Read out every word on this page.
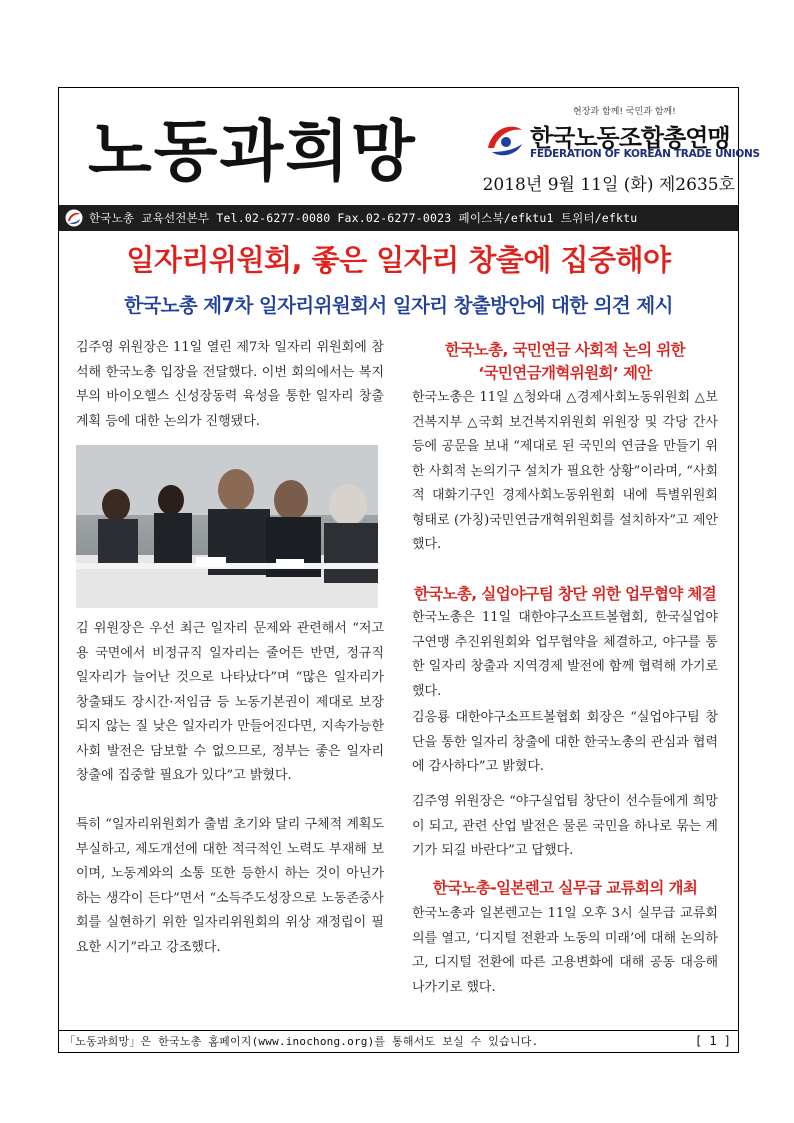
노동과희망
현장과 함께! 국민과 함께!
한국노동조합총연맹
FEDERATION OF KOREAN TRADE UNIONS
2018년 9월 11일 (화) 제2635호
한국노총 교육선전본부 Tel.02-6277-0080 Fax.02-6277-0023 페이스북/efktu1 트위터/efktu
일자리위원회, 좋은 일자리 창출에 집중해야
한국노총 제7차 일자리위원회서 일자리 창출방안에 대한 의견 제시

김주영 위원장은 11일 열린 제7차 일자리 위원회에 참석해 한국노총 입장을 전달했다. 이번 회의에서는 복지부의 바이오헬스 신성장동력 육성을 통한 일자리 창출계획 등에 대한 논의가 진행됐다.

김 위원장은 우선 최근 일자리 문제와 관련해서 “저고용 국면에서 비정규직 일자리는 줄어든 반면, 정규직 일자리가 늘어난 것으로 나타났다”며 “많은 일자리가 창출돼도 장시간·저임금 등 노동기본권이 제대로 보장되지 않는 질 낮은 일자리가 만들어진다면, 지속가능한 사회 발전은 담보할 수 없으므로, 정부는 좋은 일자리 창출에 집중할 필요가 있다”고 밝혔다.

특히 “일자리위원회가 출범 초기와 달리 구체적 계획도 부실하고, 제도개선에 대한 적극적인 노력도 부재해 보이며, 노동계와의 소통 또한 등한시 하는 것이 아닌가 하는 생각이 든다”면서 “소득주도성장으로 노동존중사회를 실현하기 위한 일자리위원회의 위상 재정립이 필요한 시기”라고 강조했다.

한국노총, 국민연금 사회적 논의 위한
‘국민연금개혁위원회’ 제안

한국노총은 11일 △청와대 △경제사회노동위원회 △보건복지부 △국회 보건복지위원회 위원장 및 각당 간사 등에 공문을 보내 “제대로 된 국민의 연금을 만들기 위한 사회적 논의기구 설치가 필요한 상황”이라며, “사회적 대화기구인 경제사회노동위원회 내에 특별위원회 형태로 (가칭)국민연금개혁위원회를 설치하자”고 제안했다.

한국노총, 실업야구팀 창단 위한 업무협약 체결

한국노총은 11일 대한야구소프트볼협회, 한국실업야구연맹 추진위원회와 업무협약을 체결하고, 야구를 통한 일자리 창출과 지역경제 발전에 함께 협력해 가기로 했다.

김응룡 대한야구소프트볼협회 회장은 “실업야구팀 창단을 통한 일자리 창출에 대한 한국노총의 관심과 협력에 감사하다”고 밝혔다.

김주영 위원장은 “야구실업팀 창단이 선수들에게 희망이 되고, 관련 산업 발전은 물론 국민을 하나로 묶는 계기가 되길 바란다”고 답했다.

한국노총-일본렌고 실무급 교류회의 개최

한국노총과 일본렌고는 11일 오후 3시 실무급 교류회의를 열고, ‘디지털 전환과 노동의 미래’에 대해 논의하고, 디지털 전환에 따른 고용변화에 대해 공동 대응해 나가기로 했다.

「노동과희망」은 한국노총 홈페이지(www.inochong.org)를 통해서도 보실 수 있습니다.	[ 1 ]
